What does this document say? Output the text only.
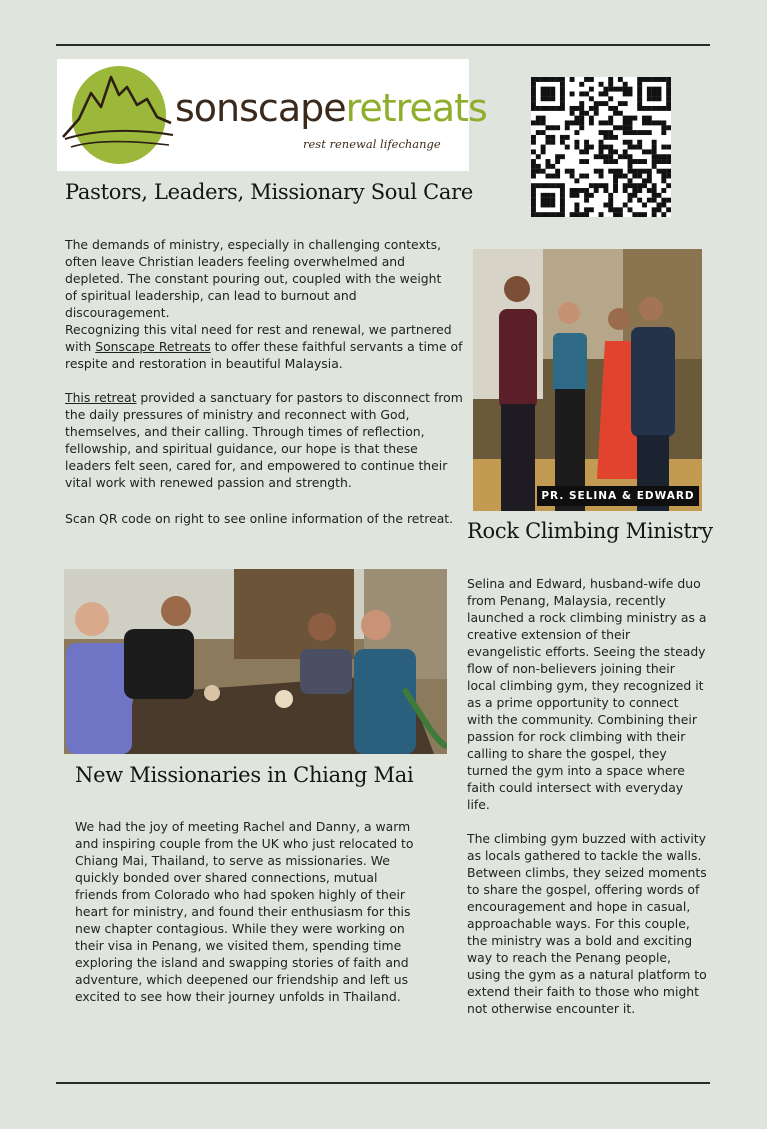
sonscaperetreats
rest renewal lifechange
Pastors, Leaders, Missionary Soul Care

The demands of ministry, especially in challenging contexts, often leave Christian leaders feeling overwhelmed and depleted. The constant pouring out, coupled with the weight of spiritual leadership, can lead to burnout and discouragement.

Recognizing this vital need for rest and renewal, we partnered with Sonscape Retreats to offer these faithful servants a time of respite and restoration in beautiful Malaysia.

This retreat provided a sanctuary for pastors to disconnect from the daily pressures of ministry and reconnect with God, themselves, and their calling. Through times of reflection, fellowship, and spiritual guidance, our hope is that these leaders felt seen, cared for, and empowered to continue their vital work with renewed passion and strength.

Scan QR code on right to see online information of the retreat.

PR. SELINA & EDWARD
Rock Climbing Ministry

Selina and Edward, husband-wife duo from Penang, Malaysia, recently launched a rock climbing ministry as a creative extension of their evangelistic efforts. Seeing the steady flow of non-believers joining their local climbing gym, they recognized it as a prime opportunity to connect with the community. Combining their passion for rock climbing with their calling to share the gospel, they turned the gym into a space where faith could intersect with everyday life.

The climbing gym buzzed with activity as locals gathered to tackle the walls. Between climbs, they seized moments to share the gospel, offering words of encouragement and hope in casual, approachable ways. For this couple, the ministry was a bold and exciting way to reach the Penang people, using the gym as a natural platform to extend their faith to those who might not otherwise encounter it.

New Missionaries in Chiang Mai

We had the joy of meeting Rachel and Danny, a warm and inspiring couple from the UK who just relocated to Chiang Mai, Thailand, to serve as missionaries. We quickly bonded over shared connections, mutual friends from Colorado who had spoken highly of their heart for ministry, and found their enthusiasm for this new chapter contagious. While they were working on their visa in Penang, we visited them, spending time exploring the island and swapping stories of faith and adventure, which deepened our friendship and left us excited to see how their journey unfolds in Thailand.
